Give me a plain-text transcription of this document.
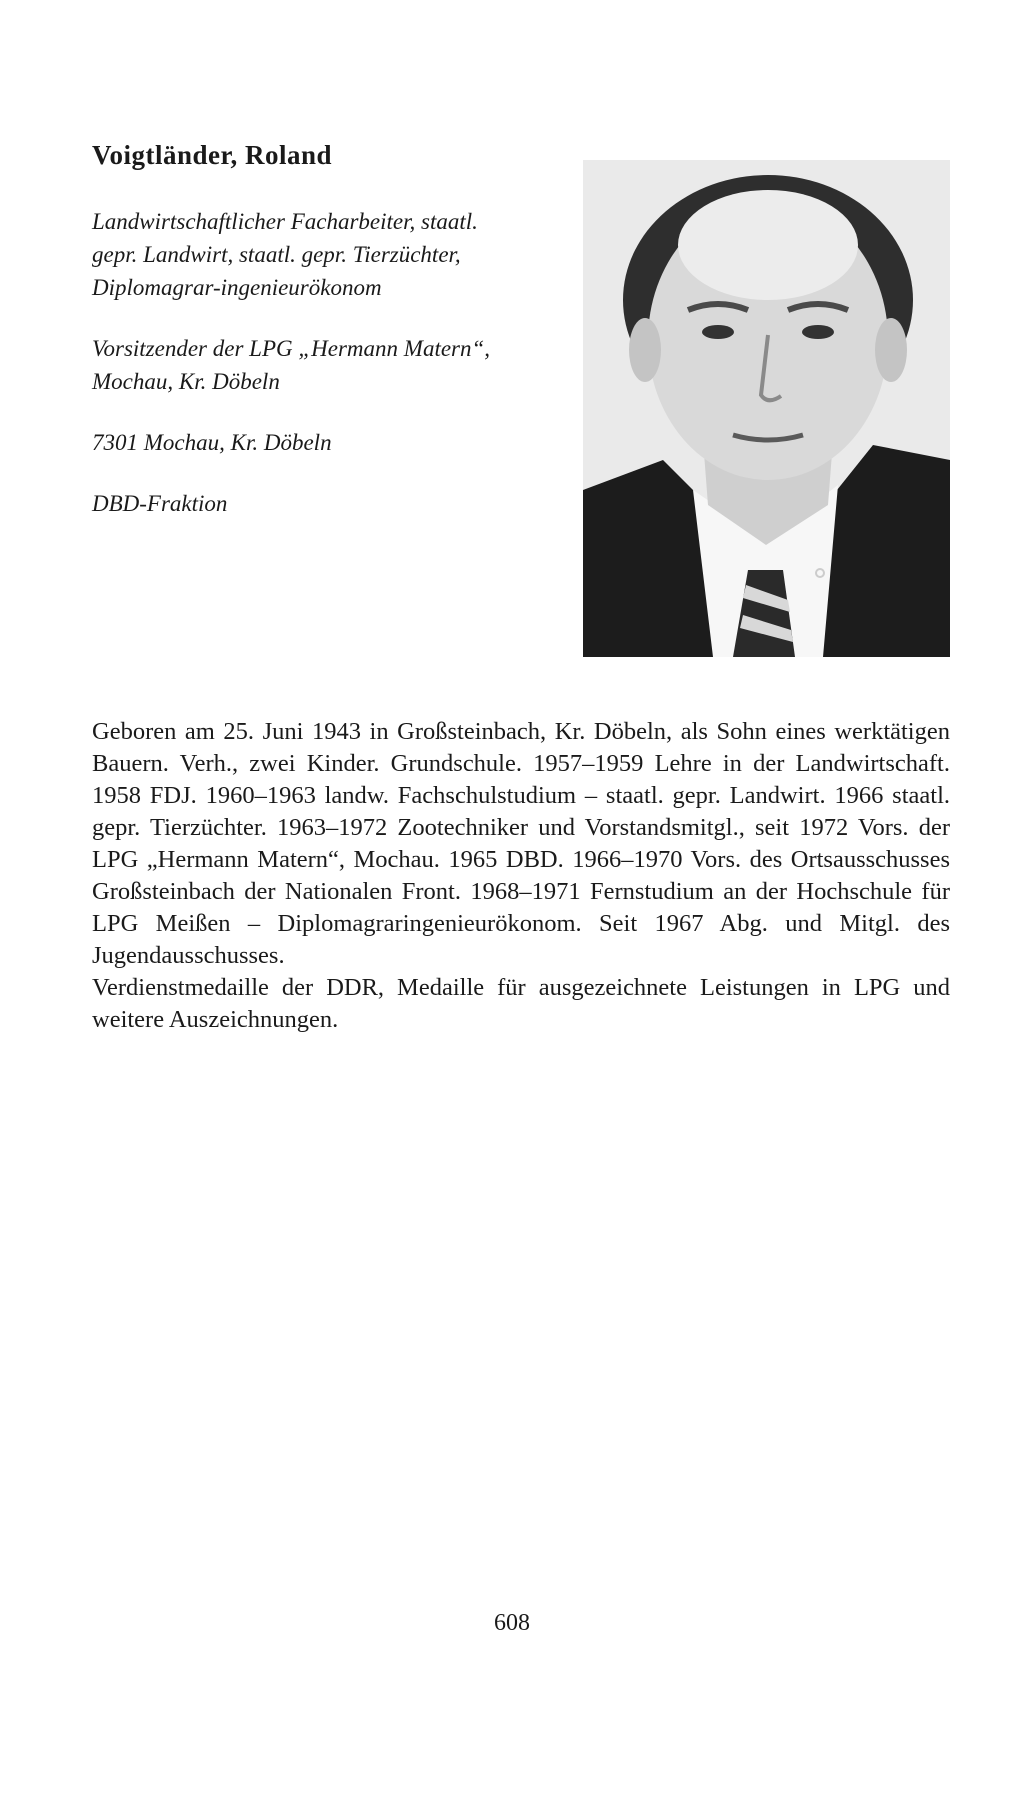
Voigtländer, Roland

Landwirtschaftlicher Facharbeiter, staatl. gepr. Landwirt, staatl. gepr. Tierzüchter, Diplomagrar-ingenieurökonom

Vorsitzender der LPG „Hermann Matern“, Mochau, Kr. Döbeln

7301 Mochau, Kr. Döbeln

DBD-Fraktion

Geboren am 25. Juni 1943 in Großsteinbach, Kr. Döbeln, als Sohn eines werktätigen Bauern. Verh., zwei Kinder. Grundschule. 1957–1959 Lehre in der Landwirtschaft. 1958 FDJ. 1960–1963 landw. Fachschulstudium – staatl. gepr. Landwirt. 1966 staatl. gepr. Tierzüchter. 1963–1972 Zootechniker und Vorstandsmitgl., seit 1972 Vors. der LPG „Hermann Matern“, Mochau. 1965 DBD. 1966–1970 Vors. des Ortsausschusses Großsteinbach der Nationalen Front. 1968–1971 Fernstudium an der Hochschule für LPG Meißen – Diplomagraringenieurökonom. Seit 1967 Abg. und Mitgl. des Jugendausschusses.

Verdienstmedaille der DDR, Medaille für ausgezeichnete Leistungen in LPG und weitere Auszeichnungen.

608
